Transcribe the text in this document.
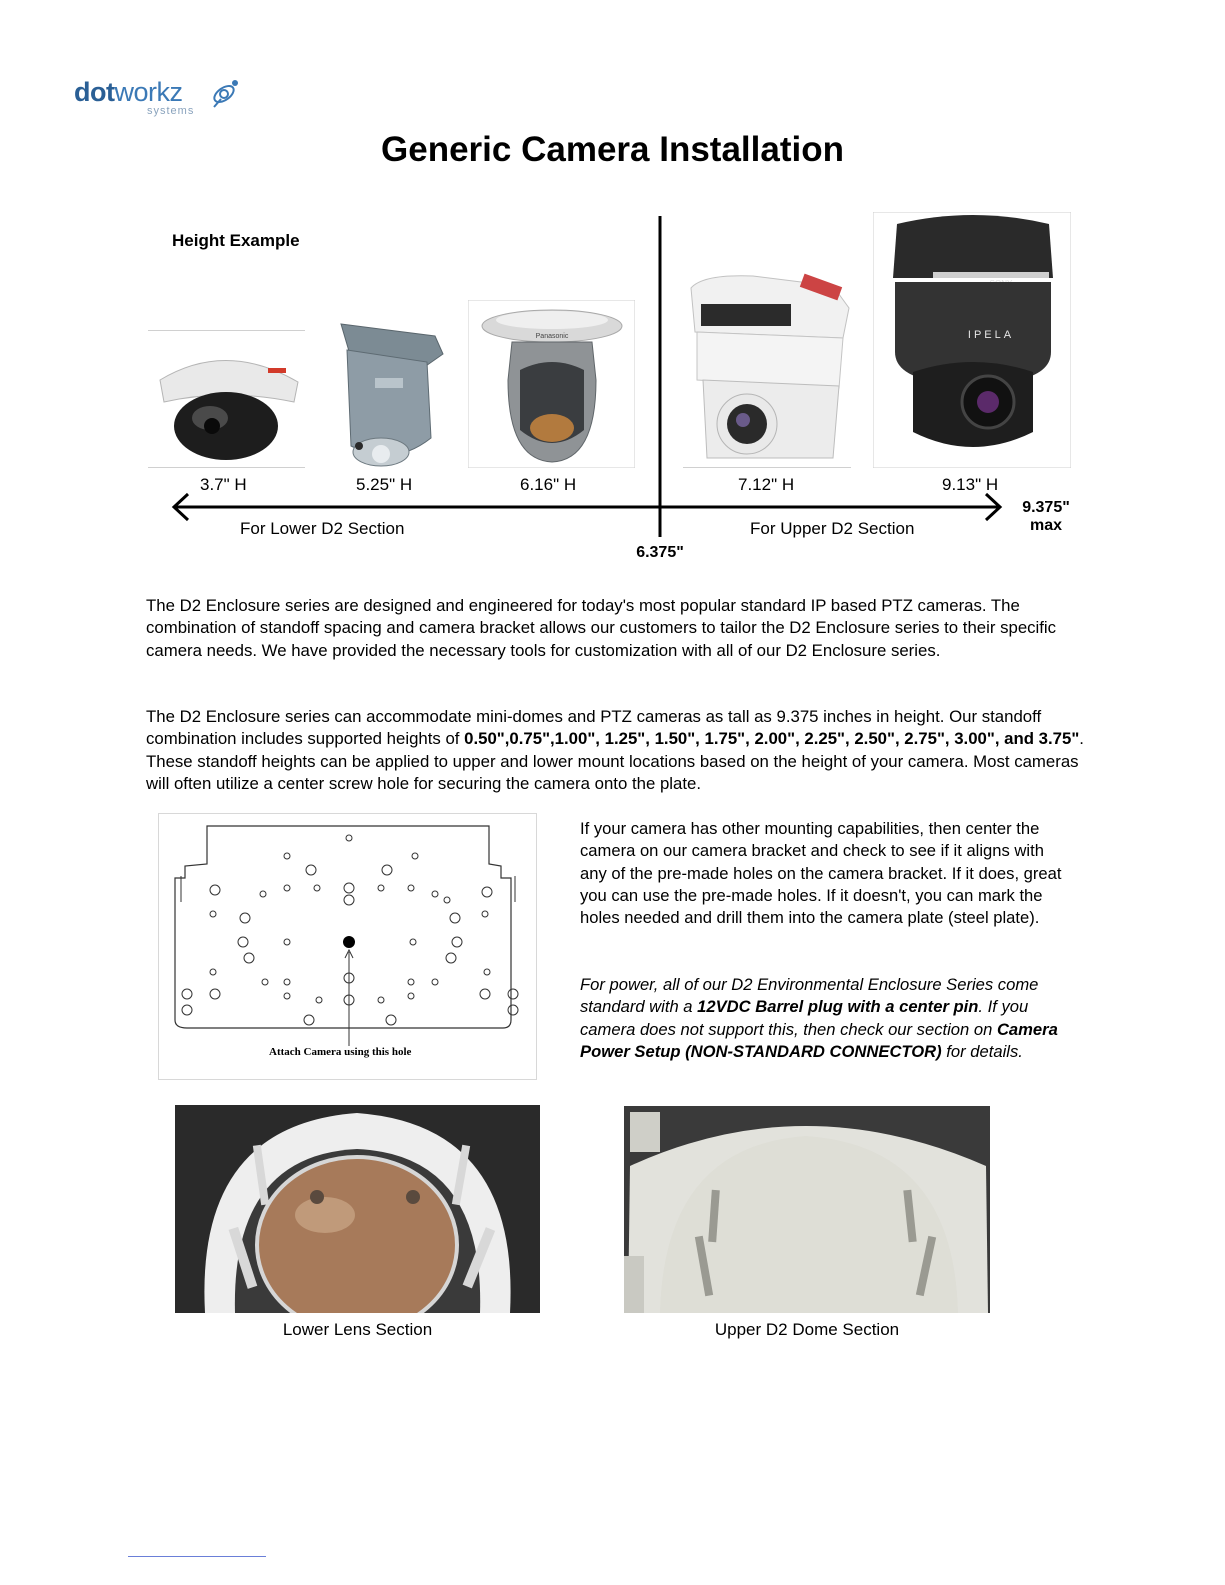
dotworkz
systems
Generic Camera Installation
Height Example
Panasonic	IPELA
3.7" H	5.25" H	6.16" H	7.12" H	9.13" H
For Lower D2 Section	For Upper D2 Section
6.375"
9.375"
max
The D2 Enclosure series are designed and engineered for today's most popular standard IP based PTZ cameras. The combination of standoff spacing and camera bracket allows our customers to tailor the D2 Enclosure series to their specific camera needs. We have provided the necessary tools for customization with all of our D2 Enclosure series.
The D2 Enclosure series can accommodate mini-domes and PTZ cameras as tall as 9.375 inches in height. Our standoff combination includes supported heights of 0.50",0.75",1.00", 1.25", 1.50", 1.75", 2.00", 2.25", 2.50", 2.75", 3.00", and 3.75". These standoff heights can be applied to upper and lower mount locations based on the height of your camera. Most cameras will often utilize a center screw hole for securing the camera onto the plate.
Attach Camera using this hole
If your camera has other mounting capabilities, then center the camera on our camera bracket and check to see if it aligns with any of the pre-made holes on the camera bracket. If it does, great you can use the pre-made holes. If it doesn't, you can mark the holes needed and drill them into the camera plate (steel plate).
For power, all of our D2 Environmental Enclosure Series come standard with a 12VDC Barrel plug with a center pin. If you camera does not support this, then check our section on Camera Power Setup (NON-STANDARD CONNECTOR) for details.
Lower Lens Section	Upper D2 Dome Section
